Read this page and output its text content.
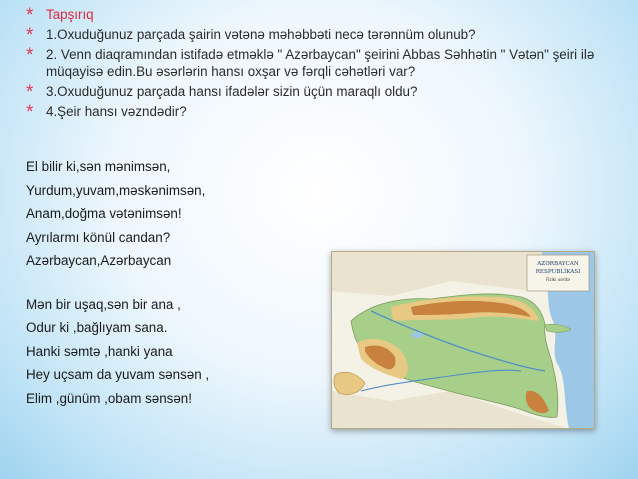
* Tapşırıq
* 1.Oxuduğunuz parçada şairin vətənə məhəbbəti necə tərənnüm olunub?
* 2. Venn diaqramından istifadə etməklə " Azərbaycan" şeirini Abbas Səhhətin " Vətən" şeiri ilə müqayisə edin.Bu əsərlərin hansı oxşar və fərqli cəhətləri var?
* 3.Oxuduğunuz parçada hansı ifadələr sizin üçün maraqlı oldu?
* 4.Şeir hansı vəzndədir?
El bilir ki,sən mənimsən,
Yurdum,yuvam,məskənimsən,
Anam,doğma vətənimsən!
Ayrılarmı könül candan?
Azərbaycan,Azərbaycan
Mən bir uşaq,sən bir ana ,
Odur ki ,bağlıyam sana.
Hanki səmtə ,hanki yana
Hey uçsam da yuvam sənsən ,
Elim ,günüm ,obam sənsən!
AZƏRBAYCAN
RESPUBLİKASI
Fiziki xəritə
